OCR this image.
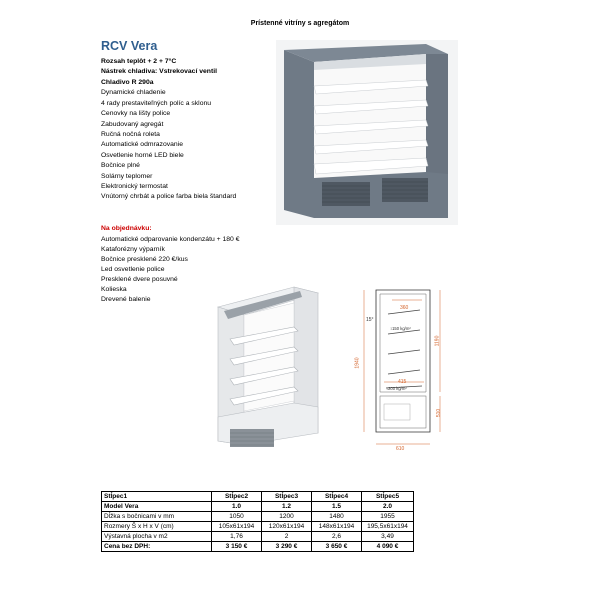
Prístenné vitríny s agregátom
RCV Vera
Rozsah teplôt + 2 + 7°C
Nástrek chladiva: Vstrekovací ventil
Chladivo R 290a
Dynamické chladenie
4 rady prestaviteľných políc a sklonu
Cenovky na lišty police
Zabudovaný agregát
Ručná nočná roleta
Automatické odmrazovanie
Osvetlenie horné LED biele
Bočnice plné
Solárny teplomer
Elektronický termostat
Vnútorný chrbát a police farba biela štandard
Na objednávku:
Automatické odparovanie kondenzátu + 180 €
Kataforézny výparník
Bočnice presklené 220 €/kus
Led osvetlenie police
Presklené dvere posuvné
Kolieska
Drevené balenie
360
15°
↕150 kg/m²
415
↕200 kg/m²
1940
1190
510
610
Stĺpec1	Stĺpec2	Stĺpec3	Stĺpec4	Stĺpec5
Model Vera	1.0	1.2	1.5	2.0
Dĺžka s bočnicami v mm	1050	1200	1480	1955
Rozmery Š x H x V (cm)	105x61x194	120x61x194	148x61x194	195,5x61x194
Výstavná plocha v m2	1,76	2	2,6	3,49
Cena bez DPH:	3 150 €	3 290 €	3 650 €	4 090 €
